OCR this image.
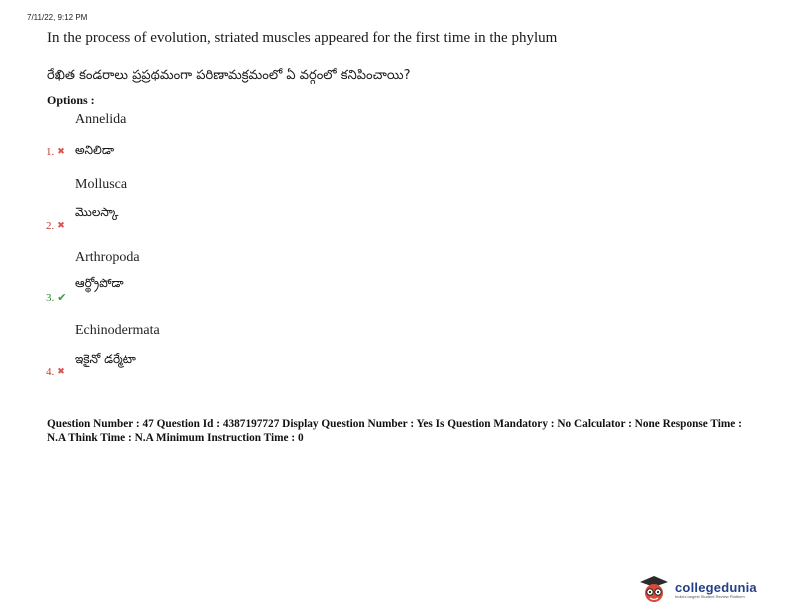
7/11/22, 9:12 PM
In the process of evolution, striated muscles appeared for the first time in the phylum
రేఖిత కండరాలు ప్రప్రథమంగా పరిణామక్రమంలో ఏ వర్గంలో కనిపించాయి?
Options :
Annelida
అనిలిడా
1. ✖
Mollusca
మొలస్కా
2. ✖
Arthropoda
ఆర్థ్రోపోడా
3. ✔
Echinodermata
ఇకైనో డర్మేటా
4. ✖
Question Number : 47 Question Id : 4387197727 Display Question Number : Yes Is Question Mandatory : No Calculator : None Response Time : N.A Think Time : N.A Minimum Instruction Time : 0
collegedunia
India's largest Student Review Platform
